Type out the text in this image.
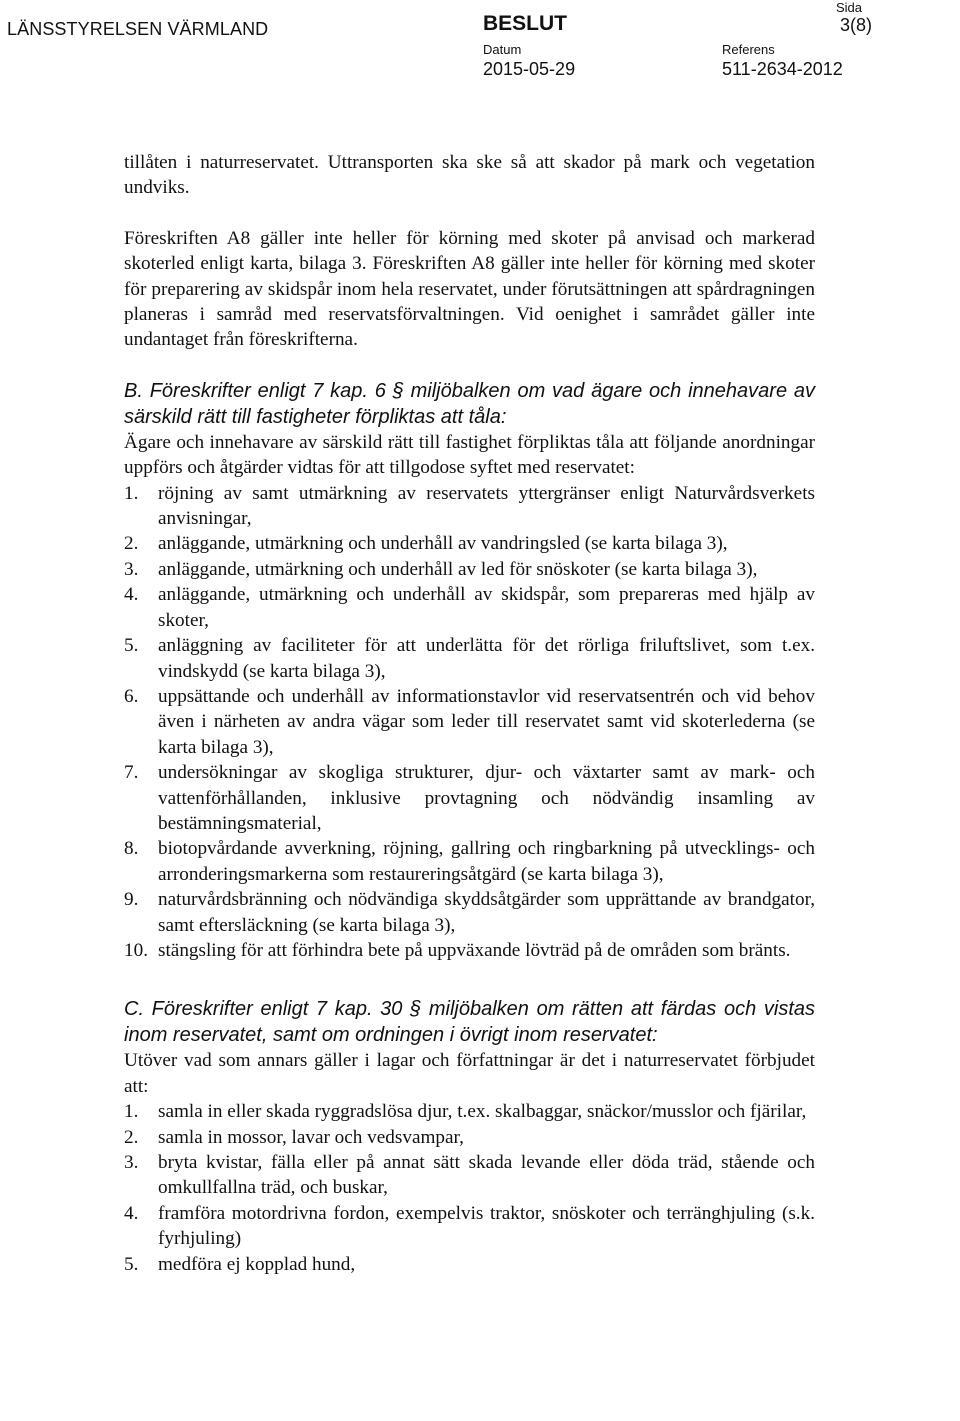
LÄNSSTYRELSEN VÄRMLAND	BESLUT
Sida
3(8)
Datum
2015-05-29
Referens
511-2634-2012

tillåten i naturreservatet. Uttransporten ska ske så att skador på mark och vegetation undviks.

Föreskriften A8 gäller inte heller för körning med skoter på anvisad och markerad skoterled enligt karta, bilaga 3. Föreskriften A8 gäller inte heller för körning med skoter för preparering av skidspår inom hela reservatet, under förutsättningen att spårdragningen planeras i samråd med reservatsförvaltningen. Vid oenighet i samrådet gäller inte undantaget från föreskrifterna.

B. Föreskrifter enligt 7 kap. 6 § miljöbalken om vad ägare och innehavare av särskild rätt till fastigheter förpliktas att tåla:

Ägare och innehavare av särskild rätt till fastighet förpliktas tåla att följande anordningar uppförs och åtgärder vidtas för att tillgodose syftet med reservatet:

1.	röjning av samt utmärkning av reservatets yttergränser enligt Naturvårdsverkets anvisningar,
2.	anläggande, utmärkning och underhåll av vandringsled (se karta bilaga 3),
3.	anläggande, utmärkning och underhåll av led för snöskoter (se karta bilaga 3),
4.	anläggande, utmärkning och underhåll av skidspår, som prepareras med hjälp av skoter,
5.	anläggning av faciliteter för att underlätta för det rörliga friluftslivet, som t.ex. vindskydd (se karta bilaga 3),
6.	uppsättande och underhåll av informationstavlor vid reservatsentrén och vid behov även i närheten av andra vägar som leder till reservatet samt vid skoterlederna (se karta bilaga 3),
7.	undersökningar av skogliga strukturer, djur- och växtarter samt av mark- och vattenförhållanden, inklusive provtagning och nödvändig insamling av bestämningsmaterial,
8.	biotopvårdande avverkning, röjning, gallring och ringbarkning på utvecklings- och arronderingsmarkerna som restaureringsåtgärd (se karta bilaga 3),
9.	naturvårdsbränning och nödvändiga skyddsåtgärder som upprättande av brandgator, samt eftersläckning (se karta bilaga 3),
10. stängsling för att förhindra bete på uppväxande lövträd på de områden som bränts.

C. Föreskrifter enligt 7 kap. 30 § miljöbalken om rätten att färdas och vistas inom reservatet, samt om ordningen i övrigt inom reservatet:

Utöver vad som annars gäller i lagar och författningar är det i naturreservatet förbjudet att:

1.	samla in eller skada ryggradslösa djur, t.ex. skalbaggar, snäckor/musslor och fjärilar,
2.	samla in mossor, lavar och vedsvampar,
3.	bryta kvistar, fälla eller på annat sätt skada levande eller döda träd, stående och omkullfallna träd, och buskar,
4.	framföra motordrivna fordon, exempelvis traktor, snöskoter och terränghjuling (s.k. fyrhjuling)
5.	medföra ej kopplad hund,
